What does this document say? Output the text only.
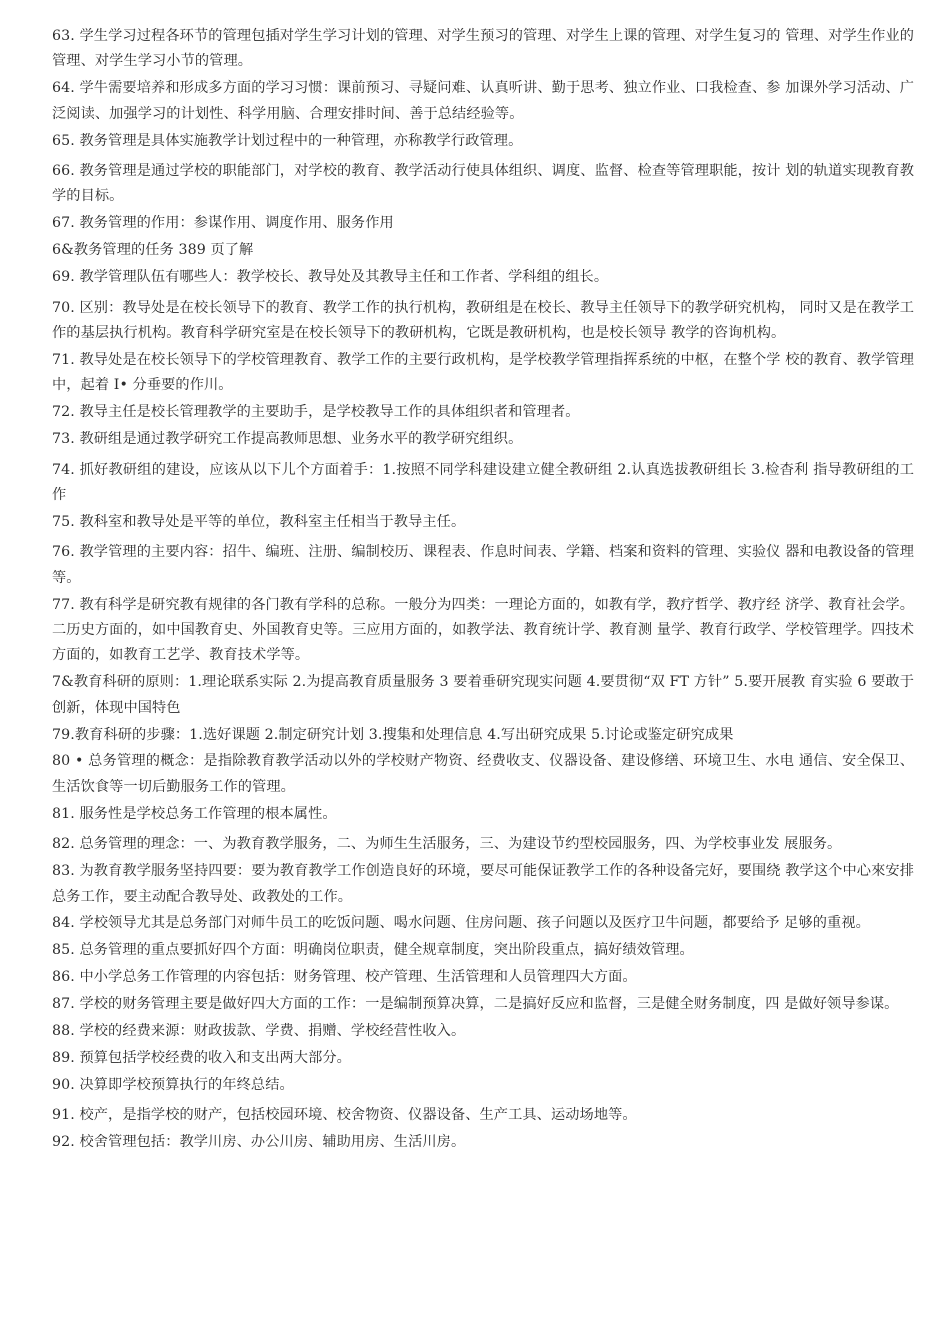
63. 学生学习过程各环节的管理包插对学生学习计划的管理、对学生预习的管理、对学生上课的管理、对学生复习的 管理、对学生作业的管理、对学生学习小节的管理。

64. 学牛需要培养和形成多方面的学习习惯：课前预习、寻疑问难、认真听讲、勤于思考、独立作业、口我检查、参 加课外学习活动、广泛阅读、加强学习的计划性、科学用脑、合理安排时间、善于总结经验等。

65. 教务管理是具体实施教学计划过程中的一种管理，亦称教学行政管理。

66. 教务管理是通过学校的职能部门，对学校的教育、教学活动行使具体组织、调度、监督、检查等管理职能，按计 划的轨道实现教育教学的目标。

67. 教务管理的作用：参谋作用、调度作用、服务作用

6&教务管理的任务 389 页了解

69. 教学管理队伍有哪些人：教学校长、教导处及其教导主任和工作者、学科组的组长。

70. 区别：教导处是在校长领导下的教育、教学工作的执行机构，教研组是在校长、教导主任领导下的教学研究机构， 同时又是在教学工作的基层执行机构。教育科学研究室是在校长领导下的教研机构，它既是教研机构，也是校长领导 教学的咨询机构。

71. 教导处是在校长领导下的学校管理教育、教学工作的主要行政机构，是学校教学管理指挥系统的中枢，在整个学 校的教育、教学管理中，起着 I• 分垂要的作川。

72. 教导主任是校长管理教学的主要助手，是学校教导工作的具体组织者和管理者。

73. 教研组是通过教学研究工作提高教师思想、业务水平的教学研究组织。

74. 抓好教研组的建设，应该从以下儿个方面着手：1.按照不同学科建设建立健全教研组 2.认真选拔教研组长 3.检杳利 指导教研组的工作

75. 教科室和教导处是平等的单位，教科室主任相当于教导主任。

76. 教学管理的主要内容：招牛、编班、注册、编制校历、课程表、作息时间表、学籍、档案和资料的管理、实验仪 器和电教设备的管理等。

77. 教有科学是研究教有规律的各门教有学科的总称。一般分为四类：一理论方面的，如教有学，教疗哲学、教疗经 济学、教育社会学。二历史方面的，如中国教育史、外国教育史等。三应用方面的，如教学法、教育统计学、教育测 量学、教育行政学、学校管理学。四技术方面的，如教育工艺学、教育技术学等。

7&教育科研的原则：1.理论联系实际 2.为提高教育质量服务 3 要着垂研究现实问题 4.要贯彻“双 FT 方针” 5.要开展教 育实验 6 要敢于创新，体现中国特色

79.教育科研的步骤：1.选好课题 2.制定研究计划 3.搜集和处理信息 4.写出研究成果 5.讨论或鉴定研究成果

80 • 总务管理的概念：是指除教育教学活动以外的学校财产物资、经费收支、仪器设备、建设修缮、环境卫生、水电 通信、安全保卫、生活饮食等一切后勤服务工作的管理。

81. 服务性是学校总务工作管理的根本属性。

82. 总务管理的理念：一、为教育教学服务，二、为师生生活服务，三、为建设节约型校园服务，四、为学校事业发 展服务。

83. 为教育教学服务坚持四要：要为教育教学工作创造良好的环境，要尽可能保证教学工作的各种设备完好，要围绕 教学这个中心來安排总务工作，要主动配合教导处、政教处的工作。

84. 学校领导尤其是总务部门对师牛员工的吃饭问题、喝水问题、住房问题、孩子问题以及医疗卫牛问题，都要给予 足够的重视。

85. 总务管理的重点要抓好四个方面：明确岗位职责，健全规章制度，突出阶段重点，搞好绩效管理。

86. 中小学总务工作管理的内容包括：财务管理、校产管理、生活管理和人员管理四大方面。

87. 学校的财务管理主要是做好四大方面的工作：一是编制预算决算，二是搞好反应和监督，三是健全财务制度，四 是做好领导参谋。

88. 学校的经费来源：财政拔款、学费、捐赠、学校经营性收入。

89. 预算包括学校经费的收入和支出两大部分。

90. 决算即学校预算执行的年终总结。

91. 校产，是指学校的财产，包括校园环境、校舍物资、仪器设备、生产工具、运动场地等。

92. 校舍管理包括：教学川房、办公川房、辅助用房、生活川房。
